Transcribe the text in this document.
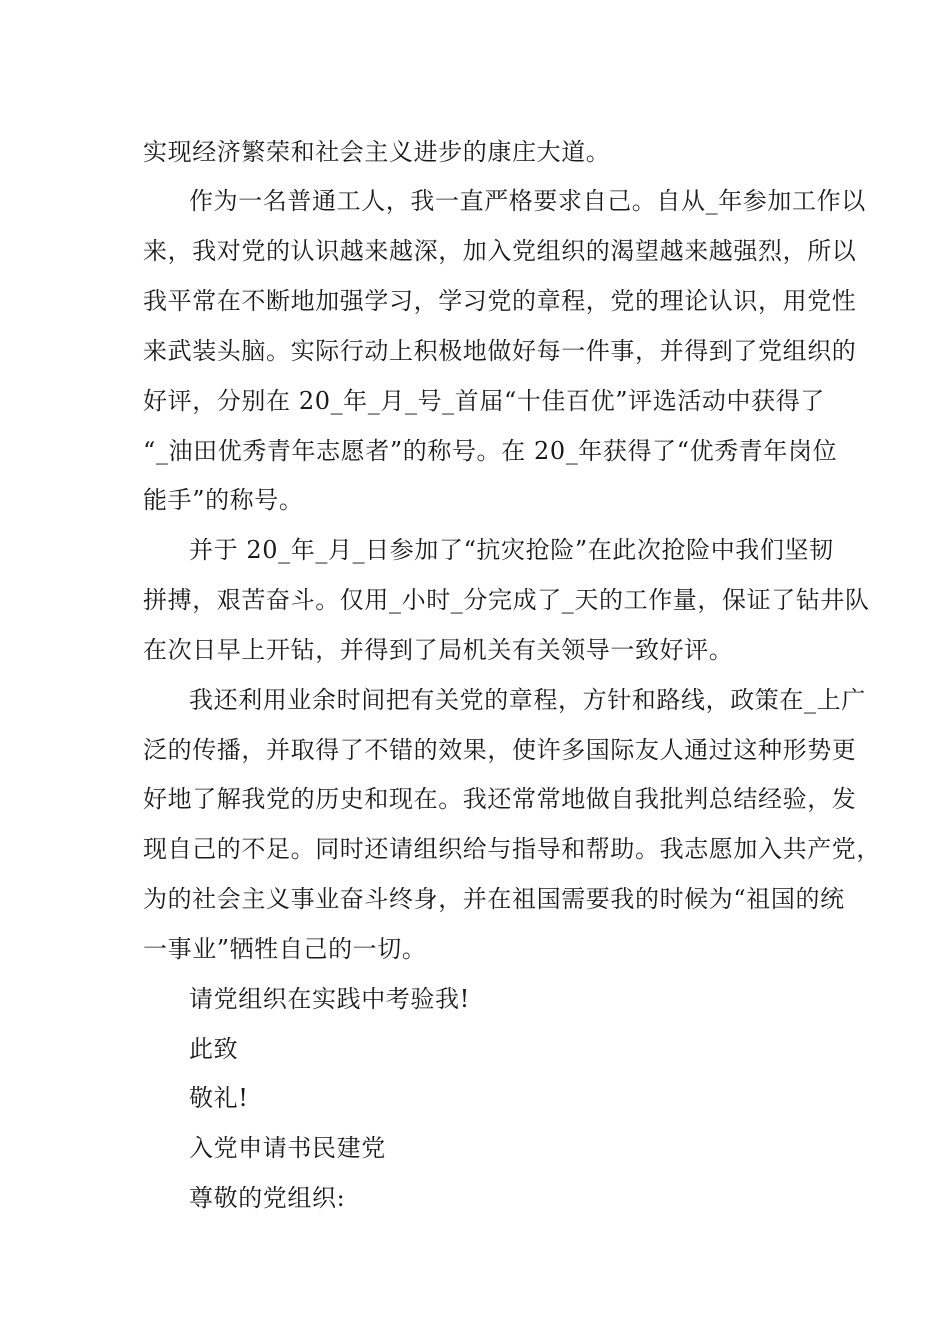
实现经济繁荣和社会主义进步的康庄大道。
作为一名普通工人，我一直严格要求自己。自从_年参加工作以
来，我对党的认识越来越深，加入党组织的渴望越来越强烈，所以
我平常在不断地加强学习，学习党的章程，党的理论认识，用党性
来武装头脑。实际行动上积极地做好每一件事，并得到了党组织的
好评，分别在 20_年_月_号_首届“十佳百优”评选活动中获得了
“_油田优秀青年志愿者”的称号。在 20_年获得了“优秀青年岗位
能手”的称号。
并于 20_年_月_日参加了“抗灾抢险”在此次抢险中我们坚韧
拼搏，艰苦奋斗。仅用_小时_分完成了_天的工作量，保证了钻井队
在次日早上开钻，并得到了局机关有关领导一致好评。
我还利用业余时间把有关党的章程，方针和路线，政策在_上广
泛的传播，并取得了不错的效果，使许多国际友人通过这种形势更
好地了解我党的历史和现在。我还常常地做自我批判总结经验，发
现自己的不足。同时还请组织给与指导和帮助。我志愿加入共产党，
为的社会主义事业奋斗终身，并在祖国需要我的时候为“祖国的统
一事业”牺牲自己的一切。
请党组织在实践中考验我!
此致
敬礼!
入党申请书民建党
尊敬的党组织:
